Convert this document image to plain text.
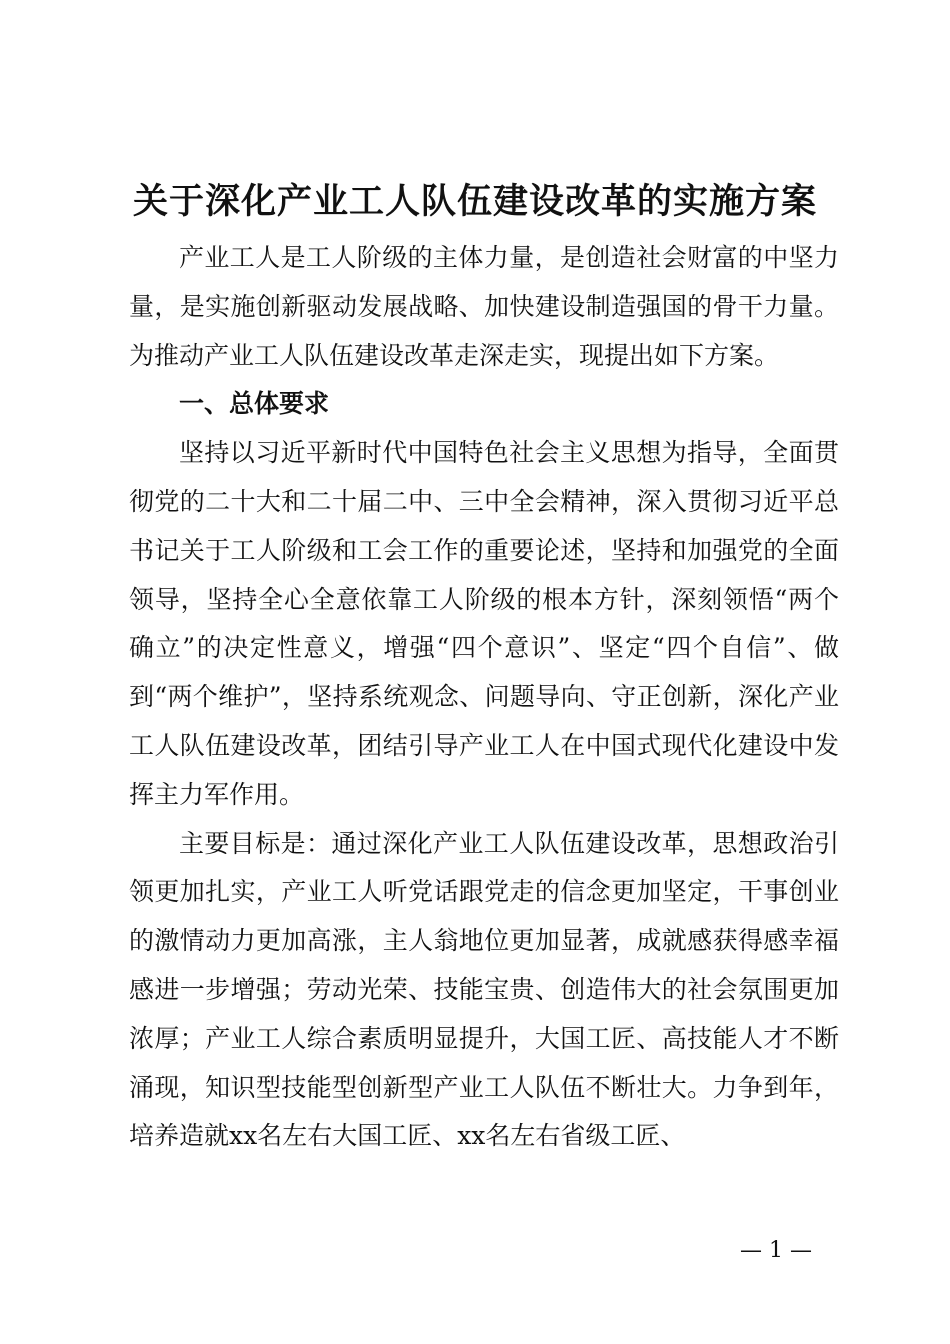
关于深化产业工人队伍建设改革的实施方案

产业工人是工人阶级的主体力量，是创造社会财富的中坚力量，是实施创新驱动发展战略、加快建设制造强国的骨干力量。为推动产业工人队伍建设改革走深走实，现提出如下方案。

一、总体要求

坚持以习近平新时代中国特色社会主义思想为指导，全面贯彻党的二十大和二十届二中、三中全会精神，深入贯彻习近平总书记关于工人阶级和工会工作的重要论述，坚持和加强党的全面领导，坚持全心全意依靠工人阶级的根本方针，深刻领悟“两个确立”的决定性意义，增强“四个意识”、坚定“四个自信”、做到“两个维护”，坚持系统观念、问题导向、守正创新，深化产业工人队伍建设改革，团结引导产业工人在中国式现代化建设中发挥主力军作用。

主要目标是：通过深化产业工人队伍建设改革，思想政治引领更加扎实，产业工人听党话跟党走的信念更加坚定，干事创业的激情动力更加高涨，主人翁地位更加显著，成就感获得感幸福感进一步增强；劳动光荣、技能宝贵、创造伟大的社会氛围更加浓厚；产业工人综合素质明显提升，大国工匠、高技能人才不断涌现，知识型技能型创新型产业工人队伍不断壮大。力争到年，培养造就xx名左右大国工匠、xx名左右省级工匠、

— 1 —
